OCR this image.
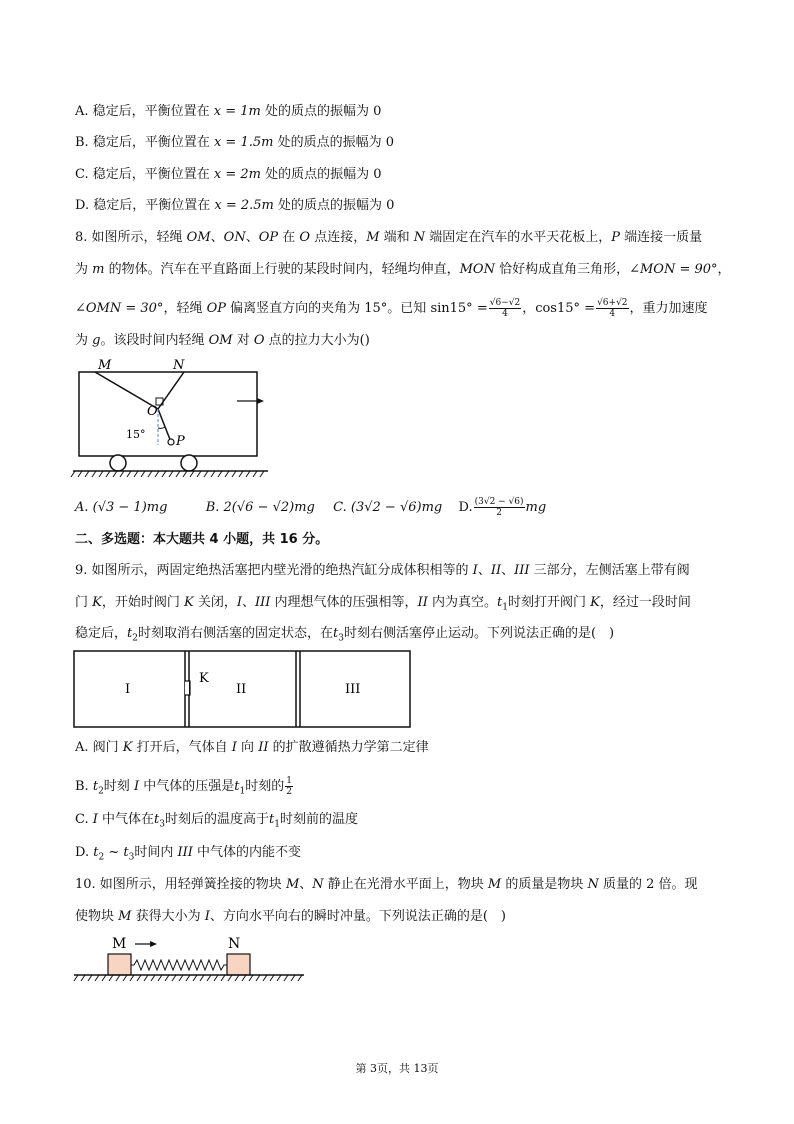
A. 稳定后，平衡位置在 x = 1m 处的质点的振幅为 0
B. 稳定后，平衡位置在 x = 1.5m 处的质点的振幅为 0
C. 稳定后，平衡位置在 x = 2m 处的质点的振幅为 0
D. 稳定后，平衡位置在 x = 2.5m 处的质点的振幅为 0
8. 如图所示，轻绳 OM、ON、OP 在 O 点连接，M 端和 N 端固定在汽车的水平天花板上，P 端连接一质量
为 m 的物体。汽车在平直路面上行驶的某段时间内，轻绳均伸直，MON 恰好构成直角三角形，∠MON = 90°，
∠OMN = 30°，轻绳 OP 偏离竖直方向的夹角为 15°。已知 $\sin 15^\circ = \frac{√6-√2}{4}$ ，$\cos 15^\circ = \frac{√6+√2}{4}$ ，重力加速度
为 g。该段时间内轻绳 OM 对 O 点的拉力大小为()
M	N
O
P
15°
A. (√3 − 1)mg	B. 2(√6 − √2)mg C. (3√2 − √6)mg D. $\frac{(3√2 - √6)}{2}$ mg
二、多选题：本大题共 4 小题，共 16 分。
9. 如图所示，两固定绝热活塞把内壁光滑的绝热汽缸分成体积相等的 I、II、III 三部分，左侧活塞上带有阀
门 K，开始时阀门 K 关闭，I、III 内理想气体的压强相等，II 内为真空。$t_1$时刻打开阀门 K，经过一段时间
稳定后，$t_2$时刻取消右侧活塞的固定状态，在$t_3$时刻右侧活塞停止运动。下列说法正确的是(　)
I	II	III
K
A. 阀门 K 打开后，气体自 I 向 II 的扩散遵循热力学第二定律
B. $t_2$时刻 I 中气体的压强是$t_1$时刻的 $\frac{1}{2}$
C. I 中气体在$t_3$时刻后的温度高于$t_1$时刻前的温度
D. $t_2$ ~ $t_3$时间内 III 中气体的内能不变
10. 如图所示，用轻弹簧拴接的物块 M、N 静止在光滑水平面上，物块 M 的质量是物块 N 质量的 2 倍。现
使物块 M 获得大小为 I、方向水平向右的瞬时冲量。下列说法正确的是(　)
M	N
第 3页，共 13页
